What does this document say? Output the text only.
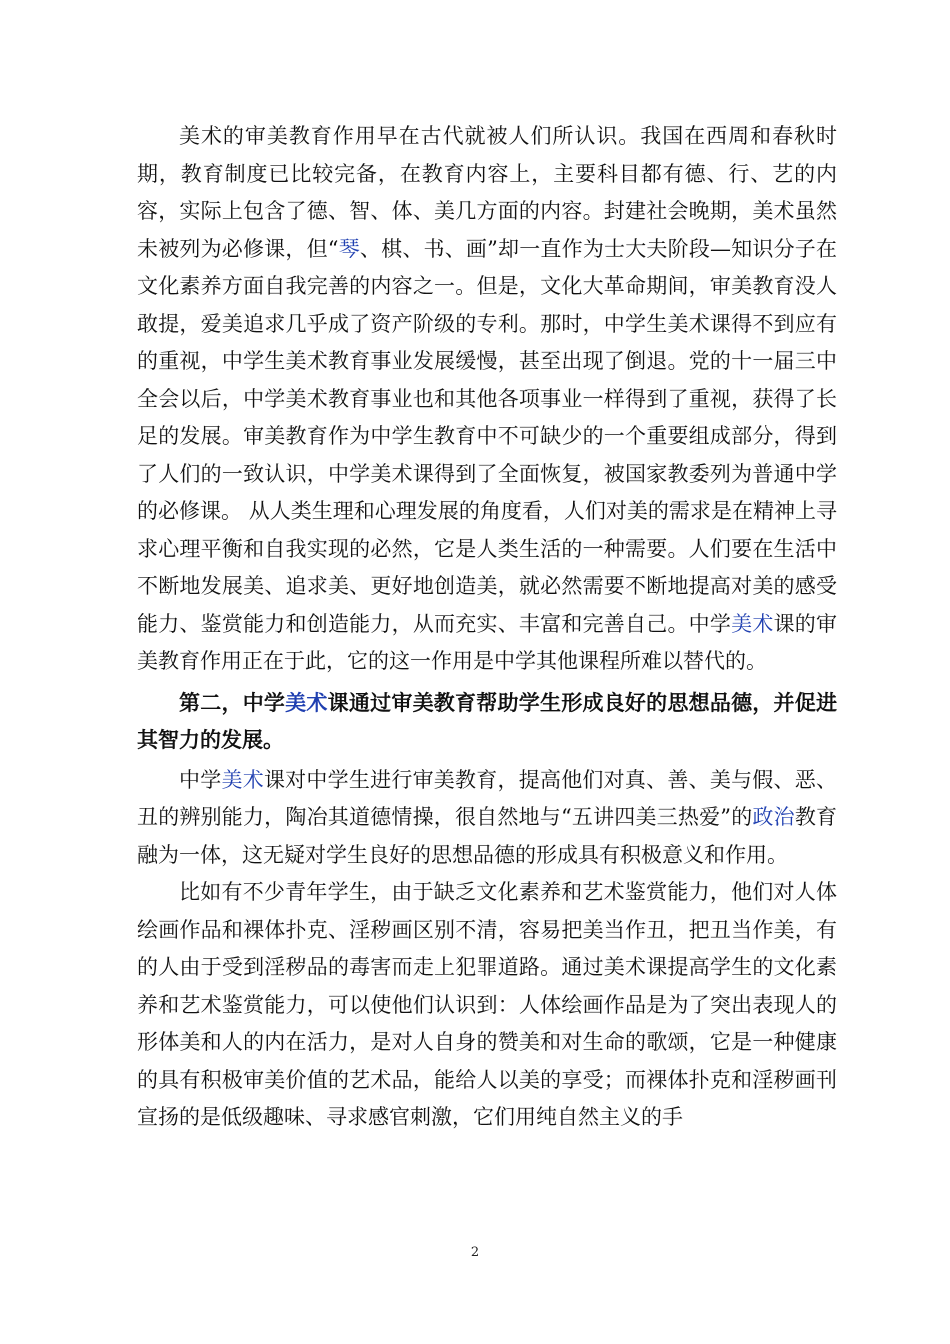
美术的审美教育作用早在古代就被人们所认识。我国在西周和春秋时期，教育制度已比较完备，在教育内容上，主要科目都有德、行、艺的内容，实际上包含了德、智、体、美几方面的内容。封建社会晚期，美术虽然未被列为必修课，但“琴、棋、书、画”却一直作为士大夫阶段—知识分子在文化素养方面自我完善的内容之一。但是，文化大革命期间，审美教育没人敢提，爱美追求几乎成了资产阶级的专利。那时，中学生美术课得不到应有的重视，中学生美术教育事业发展缓慢，甚至出现了倒退。党的十一届三中全会以后，中学美术教育事业也和其他各项事业一样得到了重视，获得了长足的发展。审美教育作为中学生教育中不可缺少的一个重要组成部分，得到了人们的一致认识，中学美术课得到了全面恢复，被国家教委列为普通中学的必修课。 从人类生理和心理发展的角度看，人们对美的需求是在精神上寻求心理平衡和自我实现的必然，它是人类生活的一种需要。人们要在生活中不断地发展美、追求美、更好地创造美，就必然需要不断地提高对美的感受能力、鉴赏能力和创造能力，从而充实、丰富和完善自己。中学美术课的审美教育作用正在于此，它的这一作用是中学其他课程所难以替代的。

第二，中学美术课通过审美教育帮助学生形成良好的思想品德，并促进其智力的发展。

中学美术课对中学生进行审美教育，提高他们对真、善、美与假、恶、丑的辨别能力，陶冶其道德情操，很自然地与“五讲四美三热爱”的政治教育融为一体，这无疑对学生良好的思想品德的形成具有积极意义和作用。

比如有不少青年学生，由于缺乏文化素养和艺术鉴赏能力，他们对人体绘画作品和裸体扑克、淫秽画区别不清，容易把美当作丑，把丑当作美，有的人由于受到淫秽品的毒害而走上犯罪道路。通过美术课提高学生的文化素养和艺术鉴赏能力，可以使他们认识到：人体绘画作品是为了突出表现人的形体美和人的内在活力，是对人自身的赞美和对生命的歌颂，它是一种健康的具有积极审美价值的艺术品，能给人以美的享受；而裸体扑克和淫秽画刊宣扬的是低级趣味、寻求感官刺激，它们用纯自然主义的手

2
